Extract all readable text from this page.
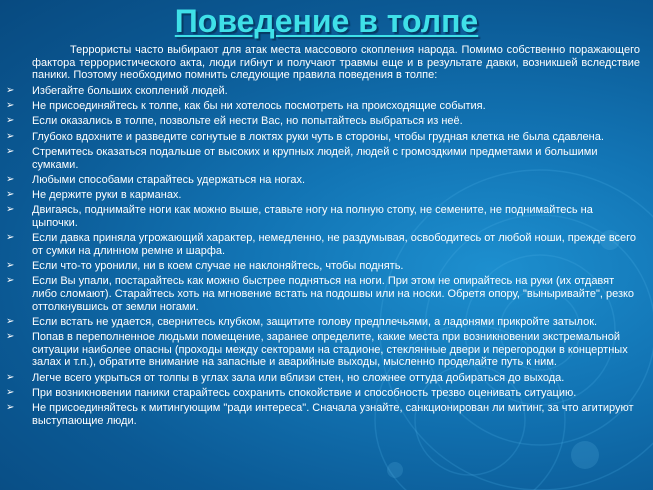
Поведение в толпе

Террористы часто выбирают для атак места массового скопления народа. Помимо собственно поражающего фактора террористического акта, люди гибнут и получают травмы еще и в результате давки, возникшей вследствие паники. Поэтому необходимо помнить следующие правила поведения в толпе:

➢ Избегайте больших скоплений людей.
➢ Не присоединяйтесь к толпе, как бы ни хотелось посмотреть на происходящие события.
➢ Если оказались в толпе, позвольте ей нести Вас, но попытайтесь выбраться из неё.
➢ Глубоко вдохните и разведите согнутые в локтях руки чуть в стороны, чтобы грудная клетка не была сдавлена.
➢ Стремитесь оказаться подальше от высоких и крупных людей, людей с громоздкими предметами и большими сумками.
➢ Любыми способами старайтесь удержаться на ногах.
➢ Не держите руки в карманах.
➢ Двигаясь, поднимайте ноги как можно выше, ставьте ногу на полную стопу, не семените, не поднимайтесь на цыпочки.
➢ Если давка приняла угрожающий характер, немедленно, не раздумывая, освободитесь от любой ноши, прежде всего от сумки на длинном ремне и шарфа.
➢ Если что-то уронили, ни в коем случае не наклоняйтесь, чтобы поднять.
➢ Если Вы упали, постарайтесь как можно быстрее подняться на ноги. При этом не опирайтесь на руки (их отдавят либо сломают). Старайтесь хоть на мгновение встать на подошвы или на носки. Обретя опору, "выныривайте", резко оттолкнувшись от земли ногами.
➢ Если встать не удается, свернитесь клубком, защитите голову предплечьями, а ладонями прикройте затылок.
➢ Попав в переполненное людьми помещение, заранее определите, какие места при возникновении экстремальной ситуации наиболее опасны (проходы между секторами на стадионе, стеклянные двери и перегородки в концертных залах и т.п.), обратите внимание на запасные и аварийные выходы, мысленно проделайте путь к ним.
➢ Легче всего укрыться от толпы в углах зала или вблизи стен, но сложнее оттуда добираться до выхода.
➢ При возникновении паники старайтесь сохранить спокойствие и способность трезво оценивать ситуацию.
➢ Не присоединяйтесь к митингующим "ради интереса". Сначала узнайте, санкционирован ли митинг, за что агитируют выступающие люди.
